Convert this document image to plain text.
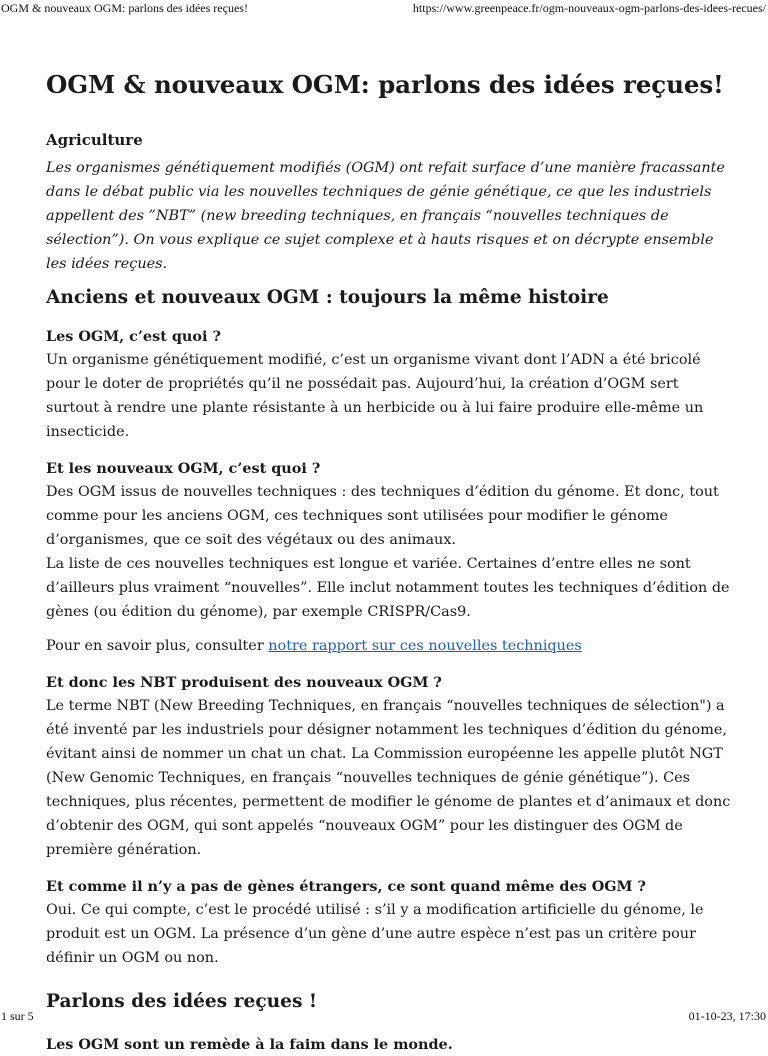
OGM & nouveaux OGM: parlons des idées reçues!	https://www.greenpeace.fr/ogm-nouveaux-ogm-parlons-des-idees-recues/
OGM & nouveaux OGM: parlons des idées reçues!
Agriculture
Les organismes génétiquement modifiés (OGM) ont refait surface d’une manière fracassante dans le débat public via les nouvelles techniques de génie génétique, ce que les industriels appellent des ”NBT” (new breeding techniques, en français “nouvelles techniques de sélection”). On vous explique ce sujet complexe et à hauts risques et on décrypte ensemble les idées reçues.
Anciens et nouveaux OGM : toujours la même histoire
Les OGM, c’est quoi ?

Un organisme génétiquement modifié, c’est un organisme vivant dont l’ADN a été bricolé pour le doter de propriétés qu’il ne possédait pas. Aujourd’hui, la création d’OGM sert surtout à rendre une plante résistante à un herbicide ou à lui faire produire elle-même un insecticide.

Et les nouveaux OGM, c’est quoi ?

Des OGM issus de nouvelles techniques : des techniques d’édition du génome. Et donc, tout comme pour les anciens OGM, ces techniques sont utilisées pour modifier le génome d’organismes, que ce soit des végétaux ou des animaux.

La liste de ces nouvelles techniques est longue et variée. Certaines d’entre elles ne sont d’ailleurs plus vraiment “nouvelles”. Elle inclut notamment toutes les techniques d’édition de gènes (ou édition du génome), par exemple CRISPR/Cas9.

Pour en savoir plus, consulter notre rapport sur ces nouvelles techniques

Et donc les NBT produisent des nouveaux OGM ?

Le terme NBT (New Breeding Techniques, en français “nouvelles techniques de sélection") a été inventé par les industriels pour désigner notamment les techniques d’édition du génome, évitant ainsi de nommer un chat un chat. La Commission européenne les appelle plutôt NGT (New Genomic Techniques, en français “nouvelles techniques de génie génétique”). Ces techniques, plus récentes, permettent de modifier le génome de plantes et d’animaux et donc d’obtenir des OGM, qui sont appelés “nouveaux OGM” pour les distinguer des OGM de première génération.

Et comme il n’y a pas de gènes étrangers, ce sont quand même des OGM ?

Oui. Ce qui compte, c’est le procédé utilisé : s’il y a modification artificielle du génome, le produit est un OGM. La présence d’un gène d’une autre espèce n’est pas un critère pour définir un OGM ou non.

Parlons des idées reçues !
Les OGM sont un remède à la faim dans le monde.
1 sur 5	01-10-23, 17:30
